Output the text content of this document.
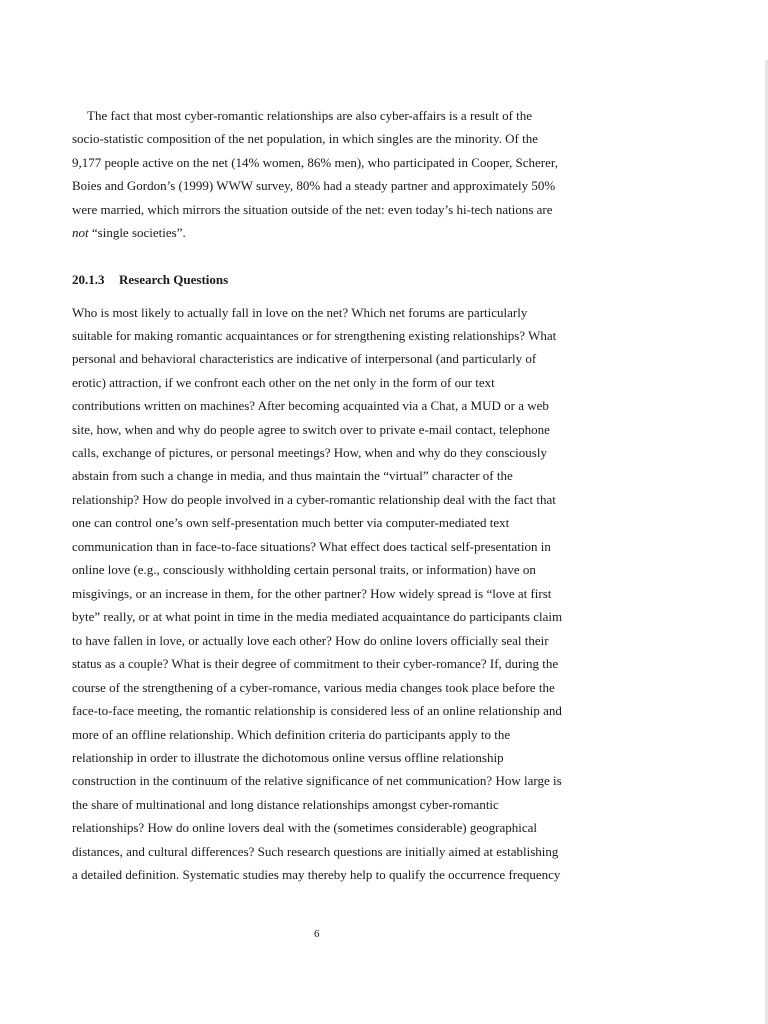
The fact that most cyber-romantic relationships are also cyber-affairs is a result of the
socio-statistic composition of the net population, in which singles are the minority. Of the
9,177 people active on the net (14% women, 86% men), who participated in Cooper, Scherer,
Boies and Gordon’s (1999) WWW survey, 80% had a steady partner and approximately 50%
were married, which mirrors the situation outside of the net: even today’s hi-tech nations are
not “single societies”.
20.1.3 Research Questions
Who is most likely to actually fall in love on the net? Which net forums are particularly
suitable for making romantic acquaintances or for strengthening existing relationships? What
personal and behavioral characteristics are indicative of interpersonal (and particularly of
erotic) attraction, if we confront each other on the net only in the form of our text
contributions written on machines? After becoming acquainted via a Chat, a MUD or a web
site, how, when and why do people agree to switch over to private e-mail contact, telephone
calls, exchange of pictures, or personal meetings? How, when and why do they consciously
abstain from such a change in media, and thus maintain the “virtual” character of the
relationship? How do people involved in a cyber-romantic relationship deal with the fact that
one can control one’s own self-presentation much better via computer-mediated text
communication than in face-to-face situations? What effect does tactical self-presentation in
online love (e.g., consciously withholding certain personal traits, or information) have on
misgivings, or an increase in them, for the other partner? How widely spread is “love at first
byte” really, or at what point in time in the media mediated acquaintance do participants claim
to have fallen in love, or actually love each other? How do online lovers officially seal their
status as a couple? What is their degree of commitment to their cyber-romance? If, during the
course of the strengthening of a cyber-romance, various media changes took place before the
face-to-face meeting, the romantic relationship is considered less of an online relationship and
more of an offline relationship. Which definition criteria do participants apply to the
relationship in order to illustrate the dichotomous online versus offline relationship
construction in the continuum of the relative significance of net communication? How large is
the share of multinational and long distance relationships amongst cyber-romantic
relationships? How do online lovers deal with the (sometimes considerable) geographical
distances, and cultural differences? Such research questions are initially aimed at establishing
a detailed definition. Systematic studies may thereby help to qualify the occurrence frequency
6
